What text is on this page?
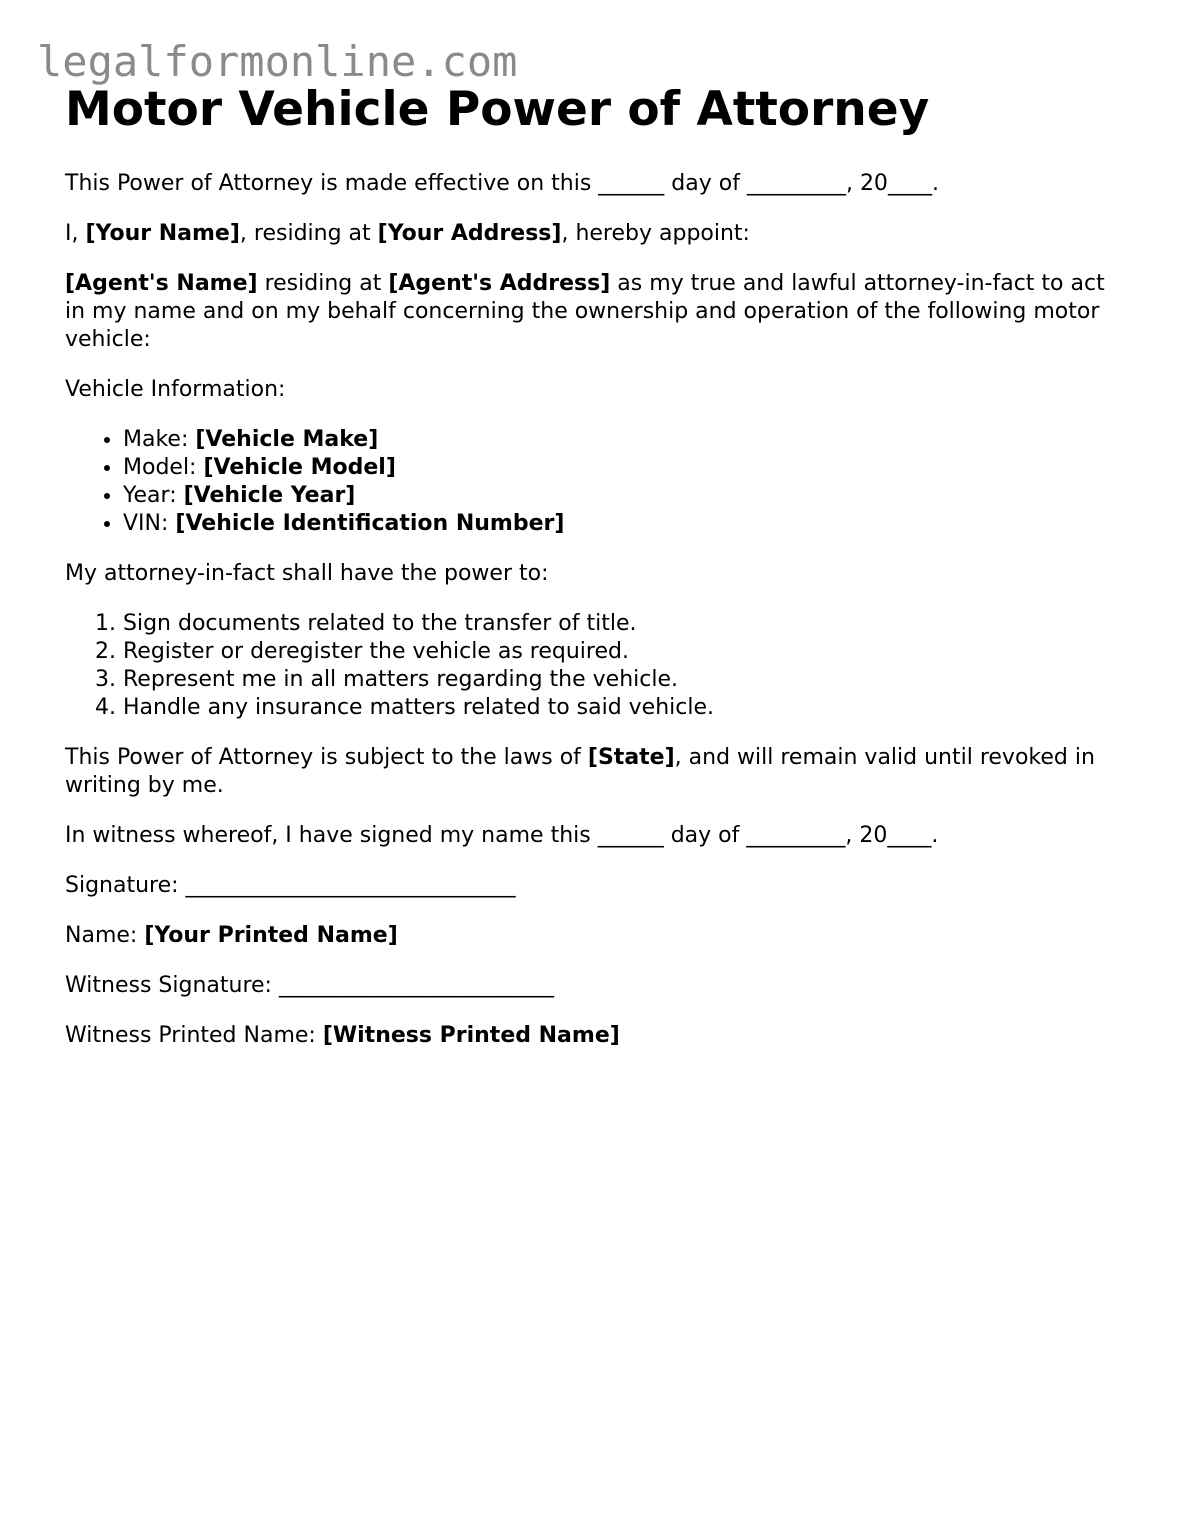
legalformonline.com
Motor Vehicle Power of Attorney

This Power of Attorney is made effective on this ______ day of _________, 20____.

I, [Your Name], residing at [Your Address], hereby appoint:

[Agent's Name] residing at [Agent's Address] as my true and lawful attorney-in-fact to act in my name and on my behalf concerning the ownership and operation of the following motor vehicle:

Vehicle Information:

• Make: [Vehicle Make]
• Model: [Vehicle Model]
• Year: [Vehicle Year]
• VIN: [Vehicle Identification Number]

My attorney-in-fact shall have the power to:

1. Sign documents related to the transfer of title.
2. Register or deregister the vehicle as required.
3. Represent me in all matters regarding the vehicle.
4. Handle any insurance matters related to said vehicle.

This Power of Attorney is subject to the laws of [State], and will remain valid until revoked in writing by me.

In witness whereof, I have signed my name this ______ day of _________, 20____.

Signature: ______________________________

Name: [Your Printed Name]

Witness Signature: _________________________

Witness Printed Name: [Witness Printed Name]
